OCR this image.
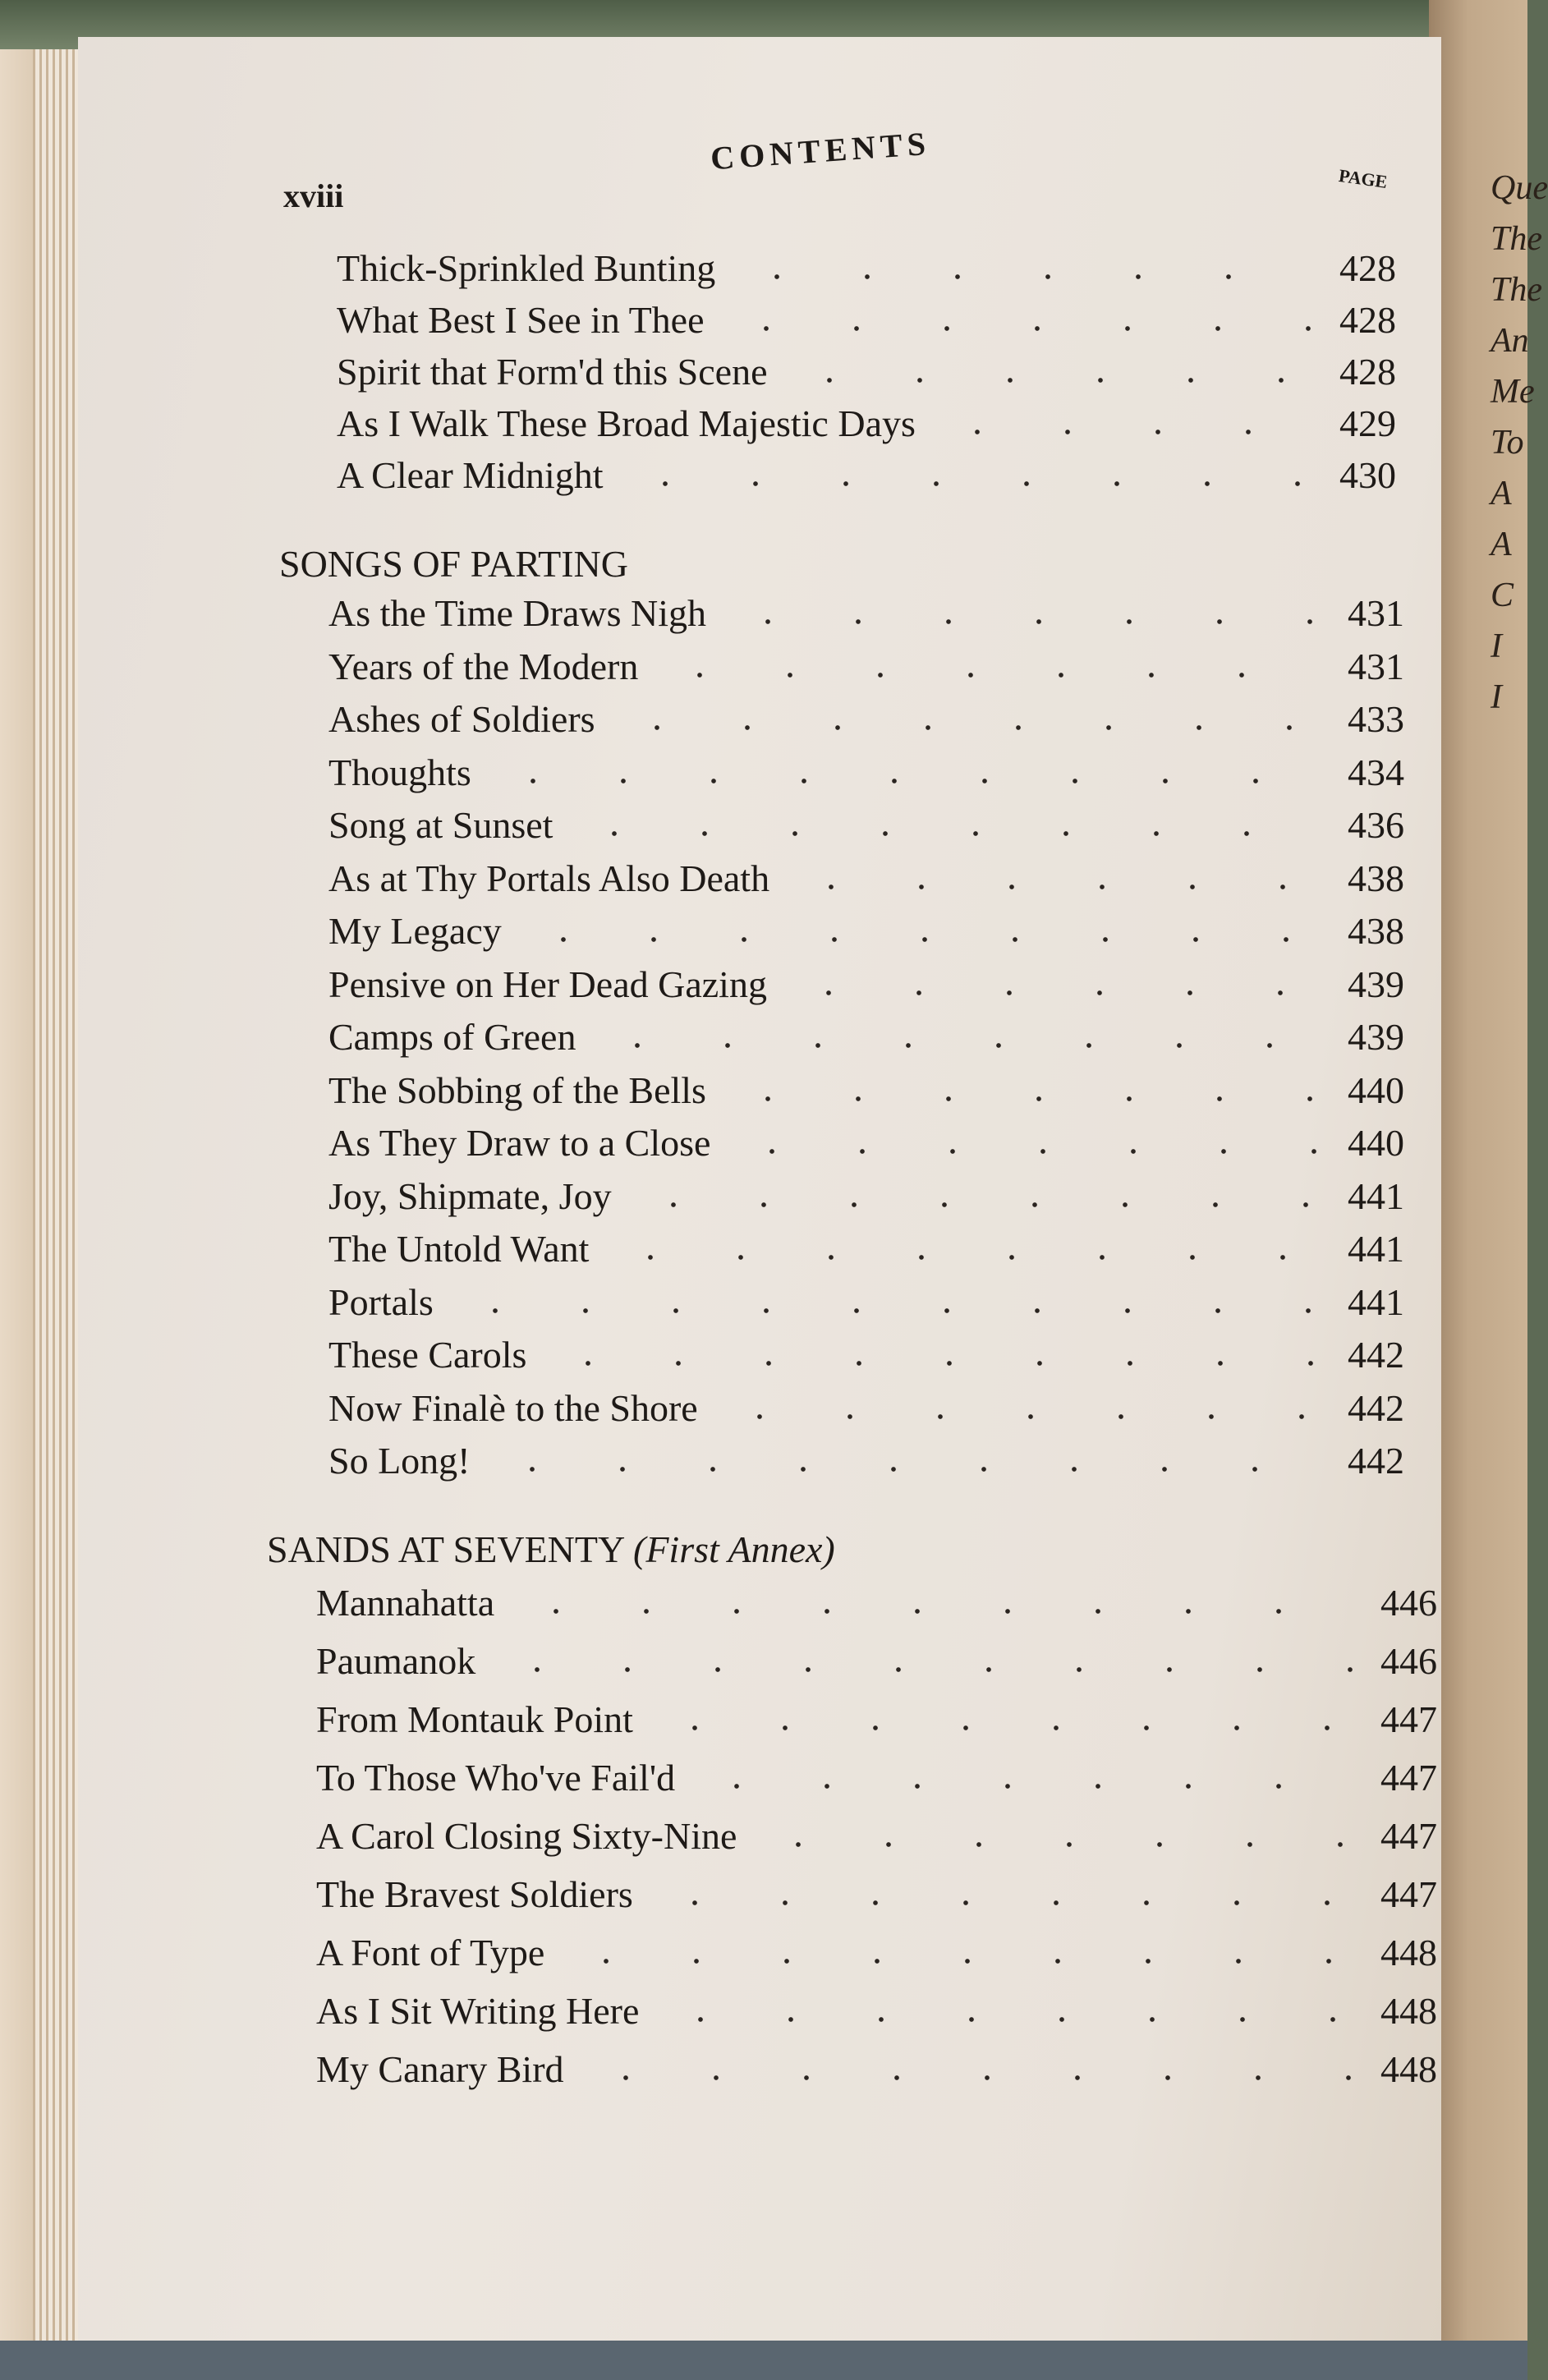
Que
The
The
An
Me
To
A
A
C
I
I
xviii
CONTENTS
PAGE
Thick-Sprinkled Bunting	428
What Best I See in Thee	428
Spirit that Form'd this Scene	428
As I Walk These Broad Majestic Days	429
A Clear Midnight	430
SONGS OF PARTING
As the Time Draws Nigh	431
Years of the Modern	431
Ashes of Soldiers	433
Thoughts	434
Song at Sunset	436
As at Thy Portals Also Death	438
My Legacy	438
Pensive on Her Dead Gazing	439
Camps of Green	439
The Sobbing of the Bells	440
As They Draw to a Close	440
Joy, Shipmate, Joy	441
The Untold Want	441
Portals	441
These Carols	442
Now Finalè to the Shore	442
So Long!	442
SANDS AT SEVENTY (First Annex)
Mannahatta	446
Paumanok	446
From Montauk Point	447
To Those Who've Fail'd	447
A Carol Closing Sixty-Nine	447
The Bravest Soldiers	447
A Font of Type	448
As I Sit Writing Here	448
My Canary Bird	448
